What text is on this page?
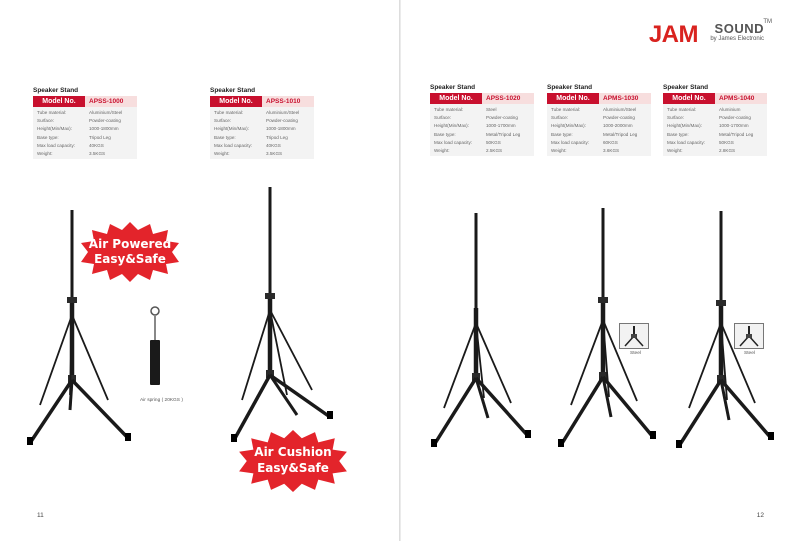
Speaker Stand
Model No.	APSS-1000
Tube material:	Aluminium/Steel
Surface:	Powder-coating
Height(Min/Max):	1000-1800mm
Base type:	Tripod Leg
Max load capacity:	40KGS
Weight:	3.5KGS
Speaker Stand
Model No.	APSS-1010
Tube material:	Aluminium/Steel
Surface:	Powder-coating
Height(Min/Max):	1000-1800mm
Base type:	Tripod Leg
Max load capacity:	40KGS
Weight:	3.5KGS
Air Powered
Easy&Safe
Air spring ( 20KGS )
Air Cushion
Easy&Safe
11
JAM SOUND TM
by James Electronic
Speaker Stand
Model No.	APSS-1020
Tube material:	Steel
Surface:	Powder-coating
Height(Min/Max):	1000-1700mm
Base type:	Metal/Tripod Leg
Max load capacity:	50KGS
Weight:	2.5KGS
Speaker Stand
Model No.	APMS-1030
Tube material:	Aluminium/Steel
Surface:	Powder-coating
Height(Min/Max):	1000-2000mm
Base type:	Metal/Tripod Leg
Max load capacity:	60KGS
Weight:	3.6KGS
Speaker Stand
Model No.	APMS-1040
Tube material:	Aluminium
Surface:	Powder-coating
Height(Min/Max):	1000-1700mm
Base type:	Metal/Tripod Leg
Max load capacity:	50KGS
Weight:	2.8KGS
Steel	Steel
12
